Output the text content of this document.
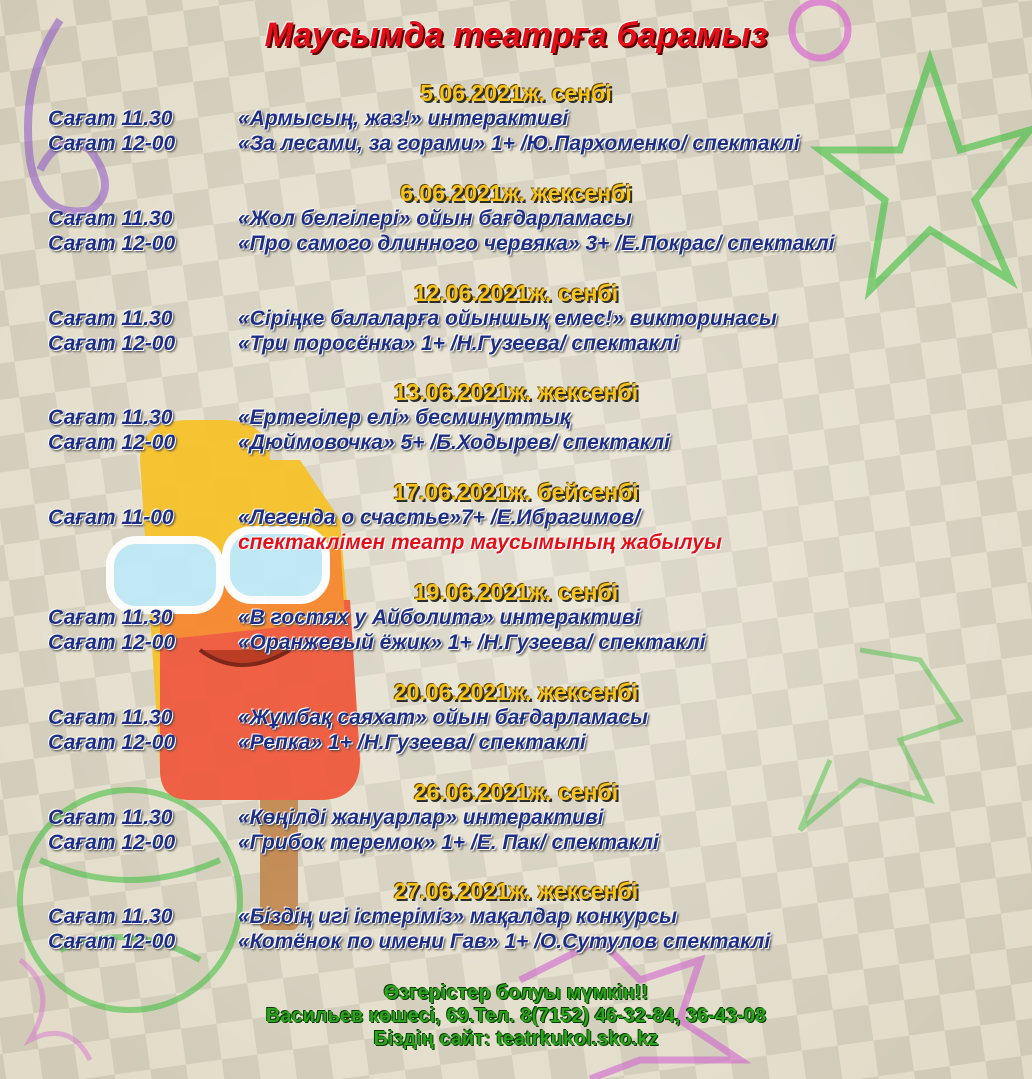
Маусымда театрға барамыз
5.06.2021ж. сенбі
Сағат 11.30	«Армысың, жаз!» интерактиві
Сағат 12-00	«За лесами, за горами» 1+ /Ю.Пархоменко/ спектаклі
6.06.2021ж. жексенбі
Сағат 11.30	«Жол белгілері» ойын бағдарламасы
Сағат 12-00	«Про самого длинного червяка» 3+ /Е.Покрас/ спектаклі
12.06.2021ж. сенбі
Сағат 11.30	«Сіріңке балаларға ойыншық емес!» викторинасы
Сағат 12-00	«Три поросёнка» 1+ /Н.Гузеева/ спектаклі
13.06.2021ж. жексенбі
Сағат 11.30	«Ертегілер елі» бесминуттық
Сағат 12-00	«Дюймовочка» 5+ /Б.Ходырев/ спектаклі
17.06.2021ж. бейсенбі
Сағат 11-00	«Легенда о счастье»7+ /Е.Ибрагимов/
спектаклімен театр маусымының жабылуы
19.06.2021ж. сенбі
Сағат 11.30	«В гостях у Айболита» интерактиві
Сағат 12-00	«Оранжевый ёжик» 1+ /Н.Гузеева/ спектаклі
20.06.2021ж. жексенбі
Сағат 11.30	«Жұмбақ саяхат» ойын бағдарламасы
Сағат 12-00	«Репка» 1+ /Н.Гузеева/ спектаклі
26.06.2021ж. сенбі
Сағат 11.30	«Көңілді жануарлар» интерактиві
Сағат 12-00	«Грибок теремок» 1+ /Е. Пак/ спектаклі
27.06.2021ж. жексенбі
Сағат 11.30	«Біздің игі істеріміз» мақалдар конкурсы
Сағат 12-00	«Котёнок по имени Гав» 1+ /О.Сутулов спектаклі
Өзгерістер болуы мүмкін!!
Васильев көшесі, 69.Тел. 8(7152) 46-32-84, 36-43-08
Біздің сайт: teatrkukol.sko.kz
